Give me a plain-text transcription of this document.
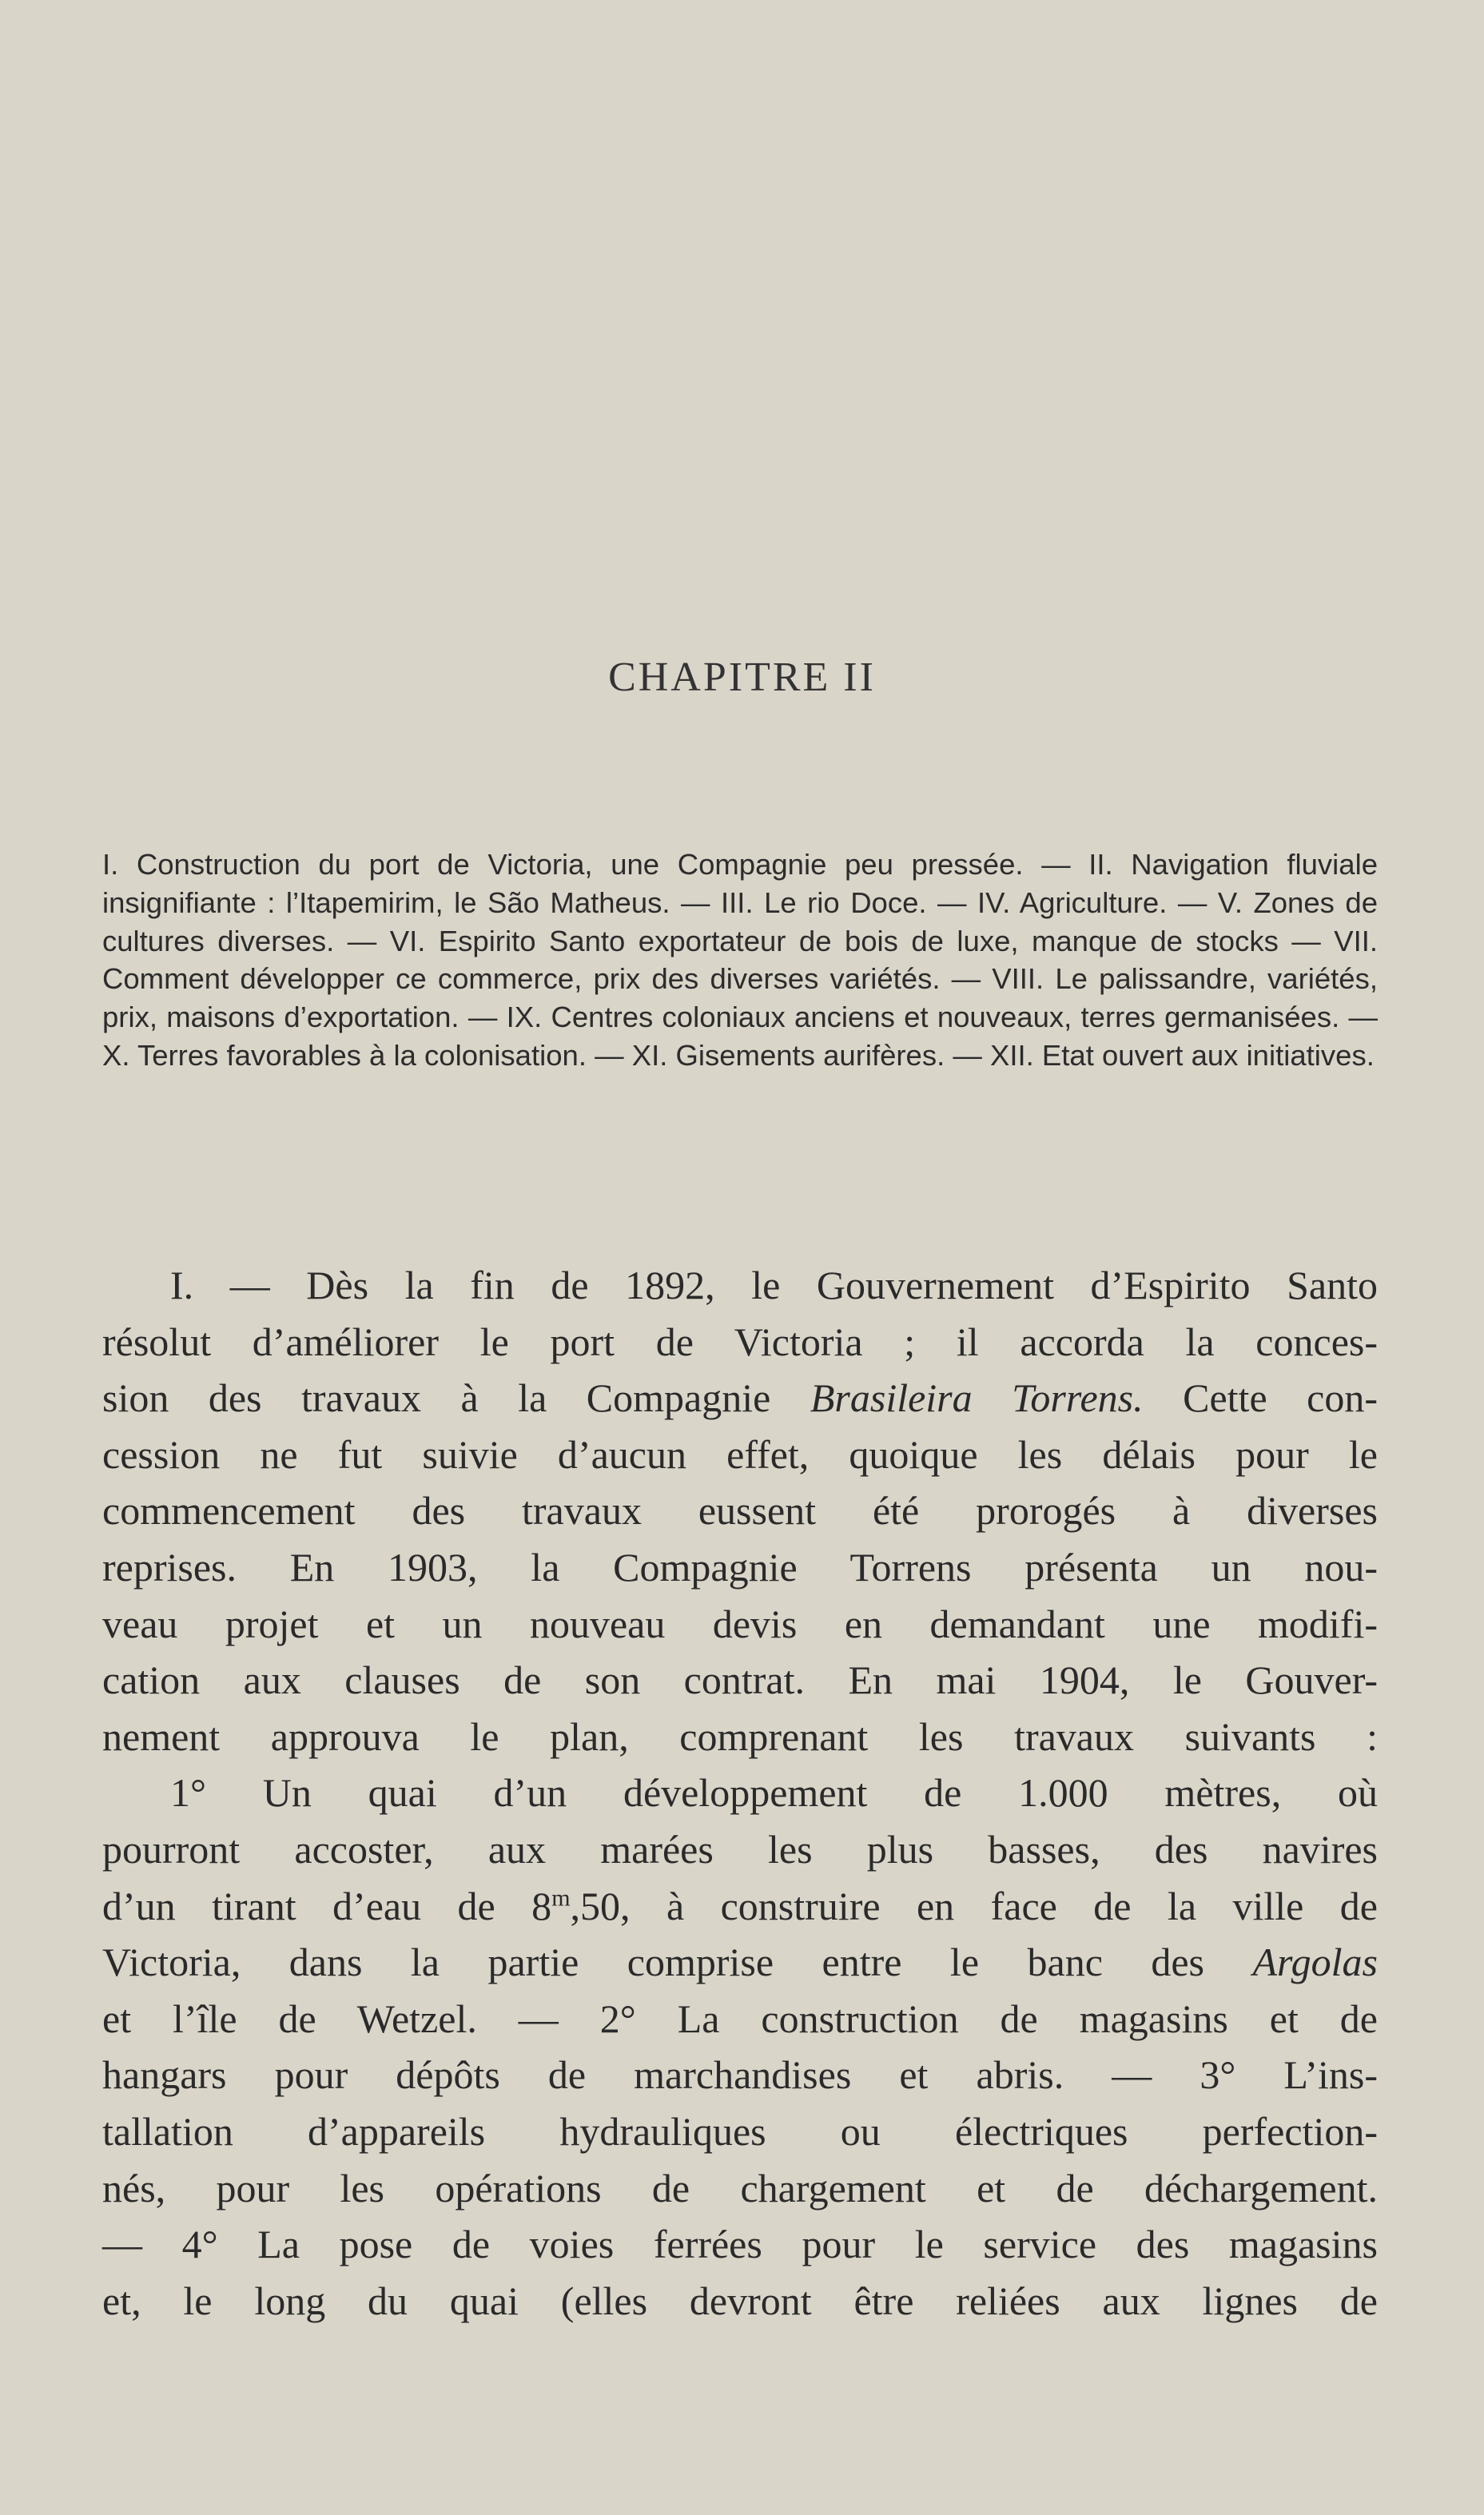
CHAPITRE II
I. Construction du port de Victoria, une Compagnie peu pressée. — II. Navigation fluviale insignifiante : l’Itapemirim, le São Matheus. — III. Le rio Doce. — IV. Agriculture. — V. Zones de cultures diverses. — VI. Espirito Santo exportateur de bois de luxe, manque de stocks — VII. Comment développer ce commerce, prix des diverses variétés. — VIII. Le palissandre, variétés, prix, maisons d’exportation. — IX. Centres coloniaux anciens et nouveaux, terres germanisées. — X. Terres favorables à la colonisation. — XI. Gisements aurifères. — XII. Etat ouvert aux initiatives.
I. — Dès la fin de 1892, le Gouvernement d’Espirito Santo
résolut d’améliorer le port de Victoria ; il accorda la conces-
sion des travaux à la Compagnie Brasileira Torrens. Cette con-
cession ne fut suivie d’aucun effet, quoique les délais pour le
commencement des travaux eussent été prorogés à diverses
reprises. En 1903, la Compagnie Torrens présenta un nou-
veau projet et un nouveau devis en demandant une modifi-
cation aux clauses de son contrat. En mai 1904, le Gouver-
nement approuva le plan, comprenant les travaux suivants :
1° Un quai d’un développement de 1.000 mètres, où
pourront accoster, aux marées les plus basses, des navires
d’un tirant d’eau de 8$^m$,50, à construire en face de la ville de
Victoria, dans la partie comprise entre le banc des Argolas
et l’île de Wetzel. — 2° La construction de magasins et de
hangars pour dépôts de marchandises et abris. — 3° L’ins-
tallation d’appareils hydrauliques ou électriques perfection-
nés, pour les opérations de chargement et de déchargement.
— 4° La pose de voies ferrées pour le service des magasins
et, le long du quai (elles devront être reliées aux lignes de
